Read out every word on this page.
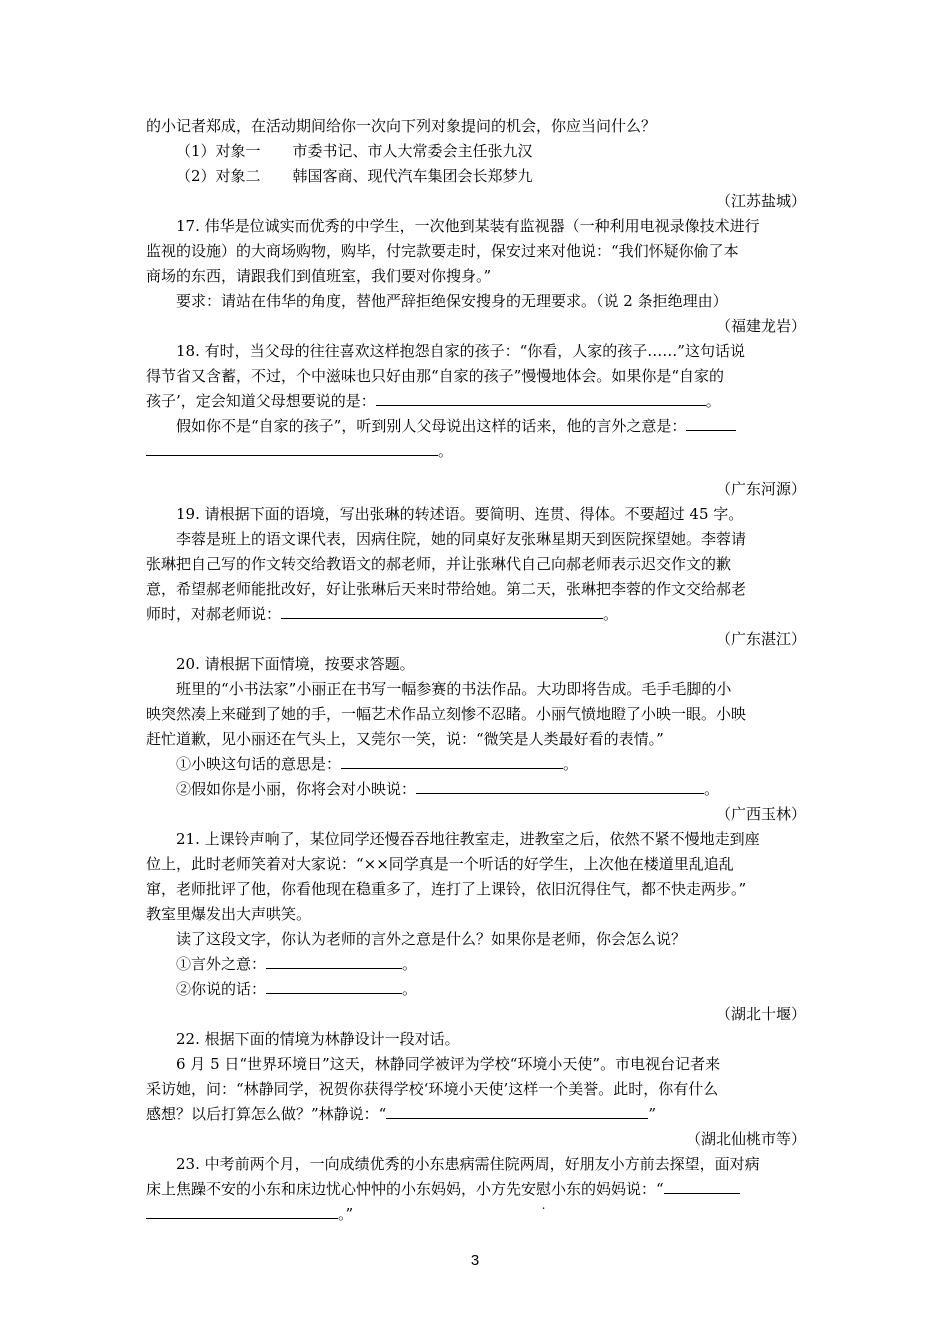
的小记者郑成，在活动期间给你一次向下列对象提问的机会，你应当问什么？
（1）对象一 市委书记、市人大常委会主任张九汉
（2）对象二 韩国客商、现代汽车集团会长郑梦九
（江苏盐城）
17. 伟华是位诚实而优秀的中学生，一次他到某装有监视器（一种利用电视录像技术进行
监视的设施）的大商场购物，购毕，付完款要走时，保安过来对他说：“我们怀疑你偷了本
商场的东西，请跟我们到值班室，我们要对你搜身。”
要求：请站在伟华的角度，替他严辞拒绝保安搜身的无理要求。（说 2 条拒绝理由）
（福建龙岩）
18. 有时，当父母的往往喜欢这样抱怨自家的孩子：“你看，人家的孩子……”这句话说
得节省又含蓄，不过，个中滋味也只好由那“自家的孩子”慢慢地体会。如果你是“自家的
孩子’，定会知道父母想要说的是：	。
假如你不是“自家的孩子”，听到别人父母说出这样的话来，他的言外之意是：
。
（广东河源）
19. 请根据下面的语境，写出张琳的转述语。要简明、连贯、得体。不要超过 45 字。
李蓉是班上的语文课代表，因病住院，她的同桌好友张琳星期天到医院探望她。李蓉请
张琳把自己写的作文转交给教语文的郝老师，并让张琳代自己向郝老师表示迟交作文的歉
意，希望郝老师能批改好，好让张琳后天来时带给她。第二天，张琳把李蓉的作文交给郝老
师时，对郝老师说：	。
（广东湛江）
20. 请根据下面情境，按要求答题。
班里的“小书法家”小丽正在书写一幅参赛的书法作品。大功即将告成。毛手毛脚的小
映突然凑上来碰到了她的手，一幅艺术作品立刻惨不忍睹。小丽气愤地瞪了小映一眼。小映
赶忙道歉，见小丽还在气头上，又莞尔一笑，说：“微笑是人类最好看的表情。”
①小映这句话的意思是：	。
②假如你是小丽，你将会对小映说：	。
（广西玉林）
21. 上课铃声响了，某位同学还慢吞吞地往教室走，进教室之后，依然不紧不慢地走到座
位上，此时老师笑着对大家说：“××同学真是一个听话的好学生，上次他在楼道里乱追乱
窜，老师批评了他，你看他现在稳重多了，连打了上课铃，依旧沉得住气，都不快走两步。”
教室里爆发出大声哄笑。
读了这段文字，你认为老师的言外之意是什么？如果你是老师，你会怎么说？
①言外之意：	。
②你说的话：	。
（湖北十堰）
22. 根据下面的情境为林静设计一段对话。
6 月 5 日“世界环境日”这天，林静同学被评为学校“环境小天使”。市电视台记者来
采访她，问：“林静同学，祝贺你获得学校‘环境小天使’这样一个美誉。此时，你有什么
感想？以后打算怎么做？”林静说：“	”
（湖北仙桃市等）
23. 中考前两个月，一向成绩优秀的小东患病需住院两周，好朋友小方前去探望，面对病
床上焦躁不安的小东和床边忧心忡忡的小东妈妈，小方先安慰小东的妈妈说：“
。”
3
